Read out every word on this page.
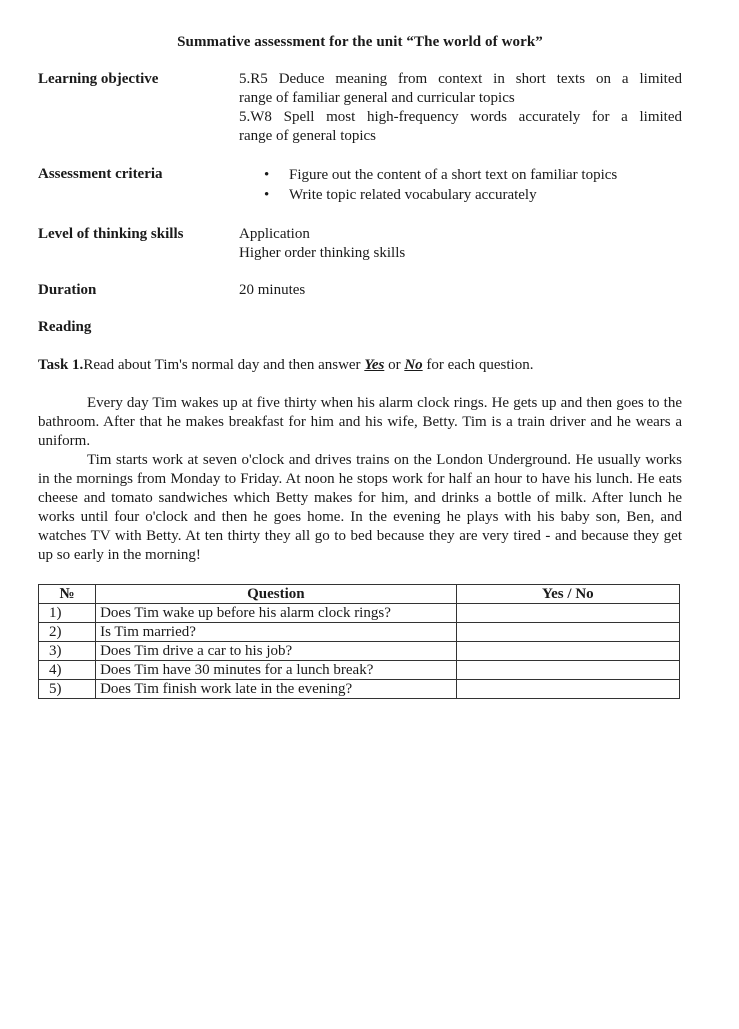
Summative assessment for the unit “The world of work”
Learning objective	5.R5 Deduce meaning from context in short texts on a limited
range of familiar general and curricular topics
5.W8 Spell most high-frequency words accurately for a limited
range of general topics
Assessment criteria	• Figure out the content of a short text on familiar topics
• Write topic related vocabulary accurately
Level of thinking skills	Application
Higher order thinking skills
Duration	20 minutes
Reading
Task 1.Read about Tim's normal day and then answer Yes or No for each question.

Every day Tim wakes up at five thirty when his alarm clock rings. He gets up and then goes to the bathroom. After that he makes breakfast for him and his wife, Betty. Tim is a train driver and he wears a uniform.

Tim starts work at seven o'clock and drives trains on the London Underground. He usually works in the mornings from Monday to Friday. At noon he stops work for half an hour to have his lunch. He eats cheese and tomato sandwiches which Betty makes for him, and drinks a bottle of milk. After lunch he works until four o'clock and then he goes home. In the evening he plays with his baby son, Ben, and watches TV with Betty. At ten thirty they all go to bed because they are very tired - and because they get up so early in the morning!

№	Question	Yes / No
1)	Does Tim wake up before his alarm clock rings?	
2)	Is Tim married?	
3)	Does Tim drive a car to his job?	
4)	Does Tim have 30 minutes for a lunch break?	
5)	Does Tim finish work late in the evening?	
